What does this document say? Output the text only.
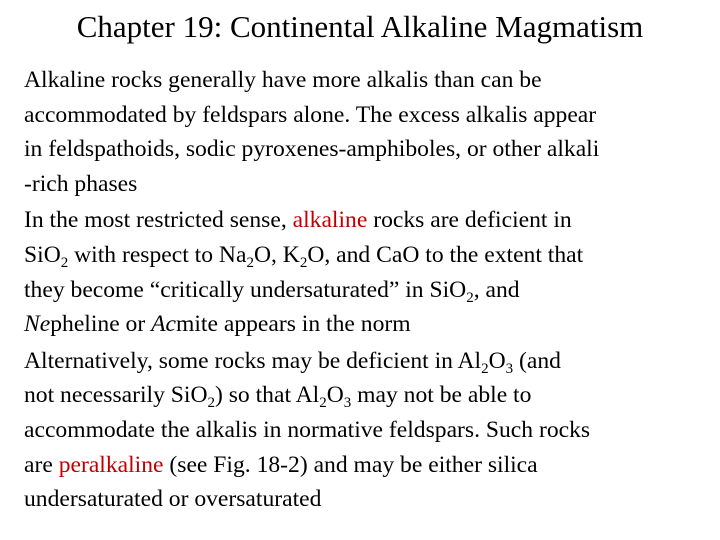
Chapter 19: Continental Alkaline Magmatism
Alkaline rocks generally have more alkalis than can be
accommodated by feldspars alone. The excess alkalis appear
in feldspathoids, sodic pyroxenes-amphiboles, or other alkali
-rich phases
In the most restricted sense, alkaline rocks are deficient in
SiO$_2$ with respect to $Na_2O$, $K_2O$, and CaO to the extent that
they become “critically undersaturated” in SiO$_2$, and
Nepheline or Acmite appears in the norm
Alternatively, some rocks may be deficient in $Al_2O_3$ (and
not necessarily SiO$_2$) so that $Al_2O_3$ may not be able to
accommodate the alkalis in normative feldspars. Such rocks
are peralkaline (see Fig. 18-2) and may be either silica
undersaturated or oversaturated
